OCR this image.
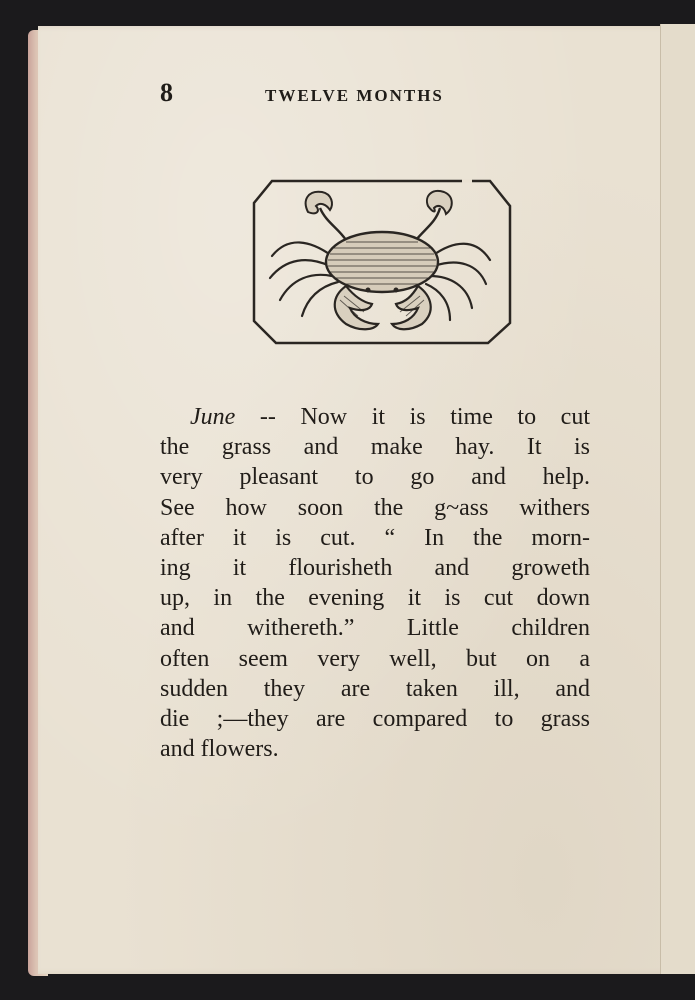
8	TWELVE MONTHS
June -- Now it is time to cut
the grass and make hay. It is
very pleasant to go and help.
See how soon the g~ass withers
after it is cut. “ In the morn-
ing it flourisheth and groweth
up, in the evening it is cut down
and withereth.” Little children
often seem very well, but on a
sudden they are taken ill, and
die ;—they are compared to grass
and flowers.
